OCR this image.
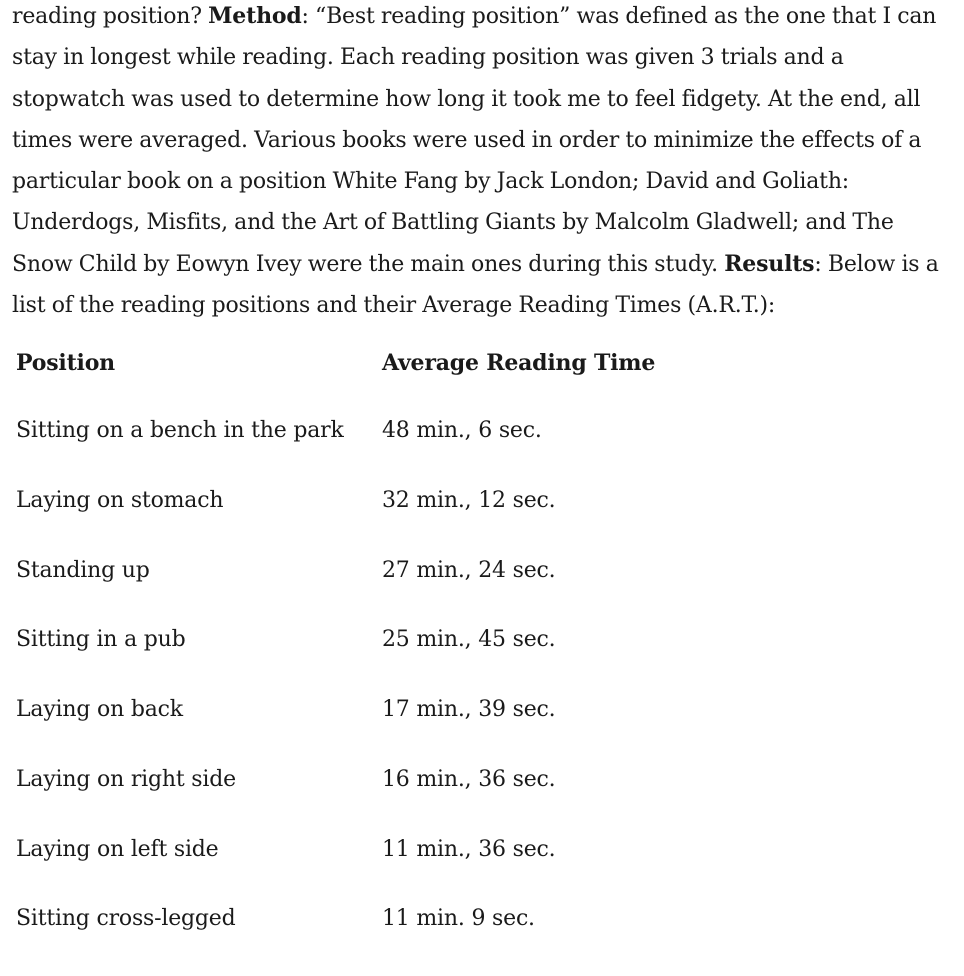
reading position? Method: “Best reading position” was defined as the one that I can stay in longest while reading. Each reading position was given 3 trials and a stopwatch was used to determine how long it took me to feel fidgety. At the end, all times were averaged. Various books were used in order to minimize the effects of a particular book on a position White Fang by Jack London; David and Goliath: Underdogs, Misfits, and the Art of Battling Giants by Malcolm Gladwell; and The Snow Child by Eowyn Ivey were the main ones during this study. Results: Below is a list of the reading positions and their Average Reading Times (A.R.T.):

Position	Average Reading Time
Sitting on a bench in the park	48 min., 6 sec.
Laying on stomach	32 min., 12 sec.
Standing up	27 min., 24 sec.
Sitting in a pub	25 min., 45 sec.
Laying on back	17 min., 39 sec.
Laying on right side	16 min., 36 sec.
Laying on left side	11 min., 36 sec.
Sitting cross-legged	11 min. 9 sec.
